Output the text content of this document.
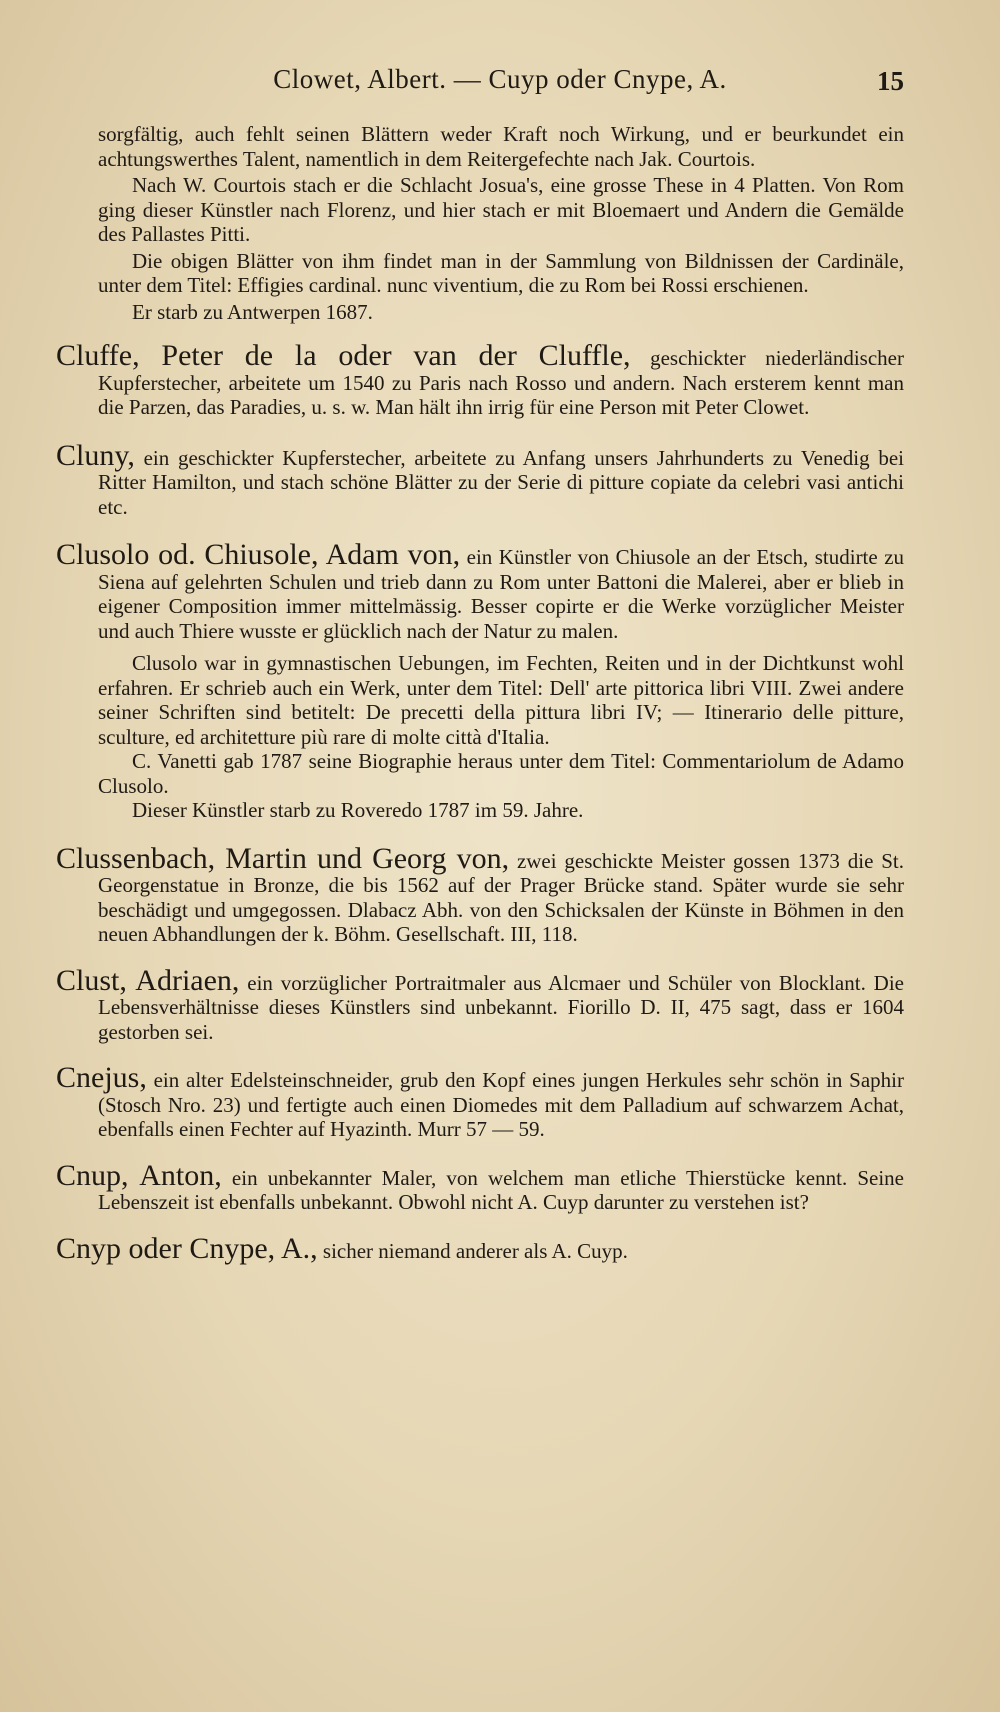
Clowet, Albert. — Cuyp oder Cnype, A.	15

sorgfältig, auch fehlt seinen Blättern weder Kraft noch Wirkung, und er beurkundet ein achtungswerthes Talent, namentlich in dem Reitergefechte nach Jak. Courtois.

Nach W. Courtois stach er die Schlacht Josua's, eine grosse These in 4 Platten. Von Rom ging dieser Künstler nach Florenz, und hier stach er mit Bloemaert und Andern die Gemälde des Pallastes Pitti.

Die obigen Blätter von ihm findet man in der Sammlung von Bildnissen der Cardinäle, unter dem Titel: Effigies cardinal. nunc viventium, die zu Rom bei Rossi erschienen.

Er starb zu Antwerpen 1687.

Cluffe, Peter de la oder van der Cluffle, geschickter niederländischer Kupferstecher, arbeitete um 1540 zu Paris nach Rosso und andern. Nach ersterem kennt man die Parzen, das Paradies, u. s. w. Man hält ihn irrig für eine Person mit Peter Clowet.

Cluny, ein geschickter Kupferstecher, arbeitete zu Anfang unsers Jahrhunderts zu Venedig bei Ritter Hamilton, und stach schöne Blätter zu der Serie di pitture copiate da celebri vasi antichi etc.

Clusolo od. Chiusole, Adam von, ein Künstler von Chiusole an der Etsch, studirte zu Siena auf gelehrten Schulen und trieb dann zu Rom unter Battoni die Malerei, aber er blieb in eigener Composition immer mittelmässig. Besser copirte er die Werke vorzüglicher Meister und auch Thiere wusste er glücklich nach der Natur zu malen.

Clusolo war in gymnastischen Uebungen, im Fechten, Reiten und in der Dichtkunst wohl erfahren. Er schrieb auch ein Werk, unter dem Titel: Dell' arte pittorica libri VIII. Zwei andere seiner Schriften sind betitelt: De precetti della pittura libri IV; — Itinerario delle pitture, sculture, ed architetture più rare di molte città d'Italia.

C. Vanetti gab 1787 seine Biographie heraus unter dem Titel: Commentariolum de Adamo Clusolo.

Dieser Künstler starb zu Roveredo 1787 im 59. Jahre.

Clussenbach, Martin und Georg von, zwei geschickte Meister gossen 1373 die St. Georgenstatue in Bronze, die bis 1562 auf der Prager Brücke stand. Später wurde sie sehr beschädigt und umgegossen. Dlabacz Abh. von den Schicksalen der Künste in Böhmen in den neuen Abhandlungen der k. Böhm. Gesellschaft. III, 118.

Clust, Adriaen, ein vorzüglicher Portraitmaler aus Alcmaer und Schüler von Blocklant. Die Lebensverhältnisse dieses Künstlers sind unbekannt. Fiorillo D. II, 475 sagt, dass er 1604 gestorben sei.

Cnejus, ein alter Edelsteinschneider, grub den Kopf eines jungen Herkules sehr schön in Saphir (Stosch Nro. 23) und fertigte auch einen Diomedes mit dem Palladium auf schwarzem Achat, ebenfalls einen Fechter auf Hyazinth. Murr 57 — 59.

Cnup, Anton, ein unbekannter Maler, von welchem man etliche Thierstücke kennt. Seine Lebenszeit ist ebenfalls unbekannt. Obwohl nicht A. Cuyp darunter zu verstehen ist?

Cnyp oder Cnype, A., sicher niemand anderer als A. Cuyp.
